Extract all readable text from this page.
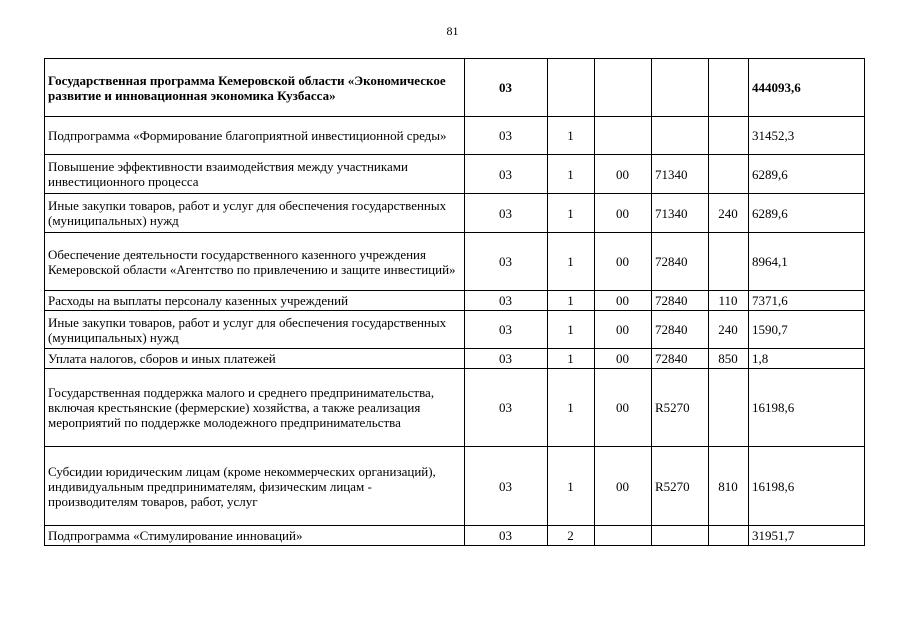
81
Государственная программа Кемеровской области «Экономическое развитие и инновационная экономика Кузбасса»	03					444093,6
Подпрограмма «Формирование благоприятной инвестиционной среды»	03	1				31452,3
Повышение эффективности взаимодействия между участниками инвестиционного процесса	03	1	00	71340		6289,6
Иные закупки товаров, работ и услуг для обеспечения государственных (муниципальных) нужд	03	1	00	71340	240	6289,6
Обеспечение деятельности государственного казенного учреждения Кемеровской области «Агентство по привлечению и защите инвестиций»	03	1	00	72840		8964,1
Расходы на выплаты персоналу казенных учреждений	03	1	00	72840	110	7371,6
Иные закупки товаров, работ и услуг для обеспечения государственных (муниципальных) нужд	03	1	00	72840	240	1590,7
Уплата налогов, сборов и иных платежей	03	1	00	72840	850	1,8
Государственная поддержка малого и среднего предпринимательства, включая крестьянские (фермерские) хозяйства, а также реализация мероприятий по поддержке молодежного предпринимательства	03	1	00	R5270		16198,6
Субсидии юридическим лицам (кроме некоммерческих организаций), индивидуальным предпринимателям, физическим лицам - производителям товаров, работ, услуг	03	1	00	R5270	810	16198,6
Подпрограмма «Стимулирование инноваций»	03	2				31951,7
